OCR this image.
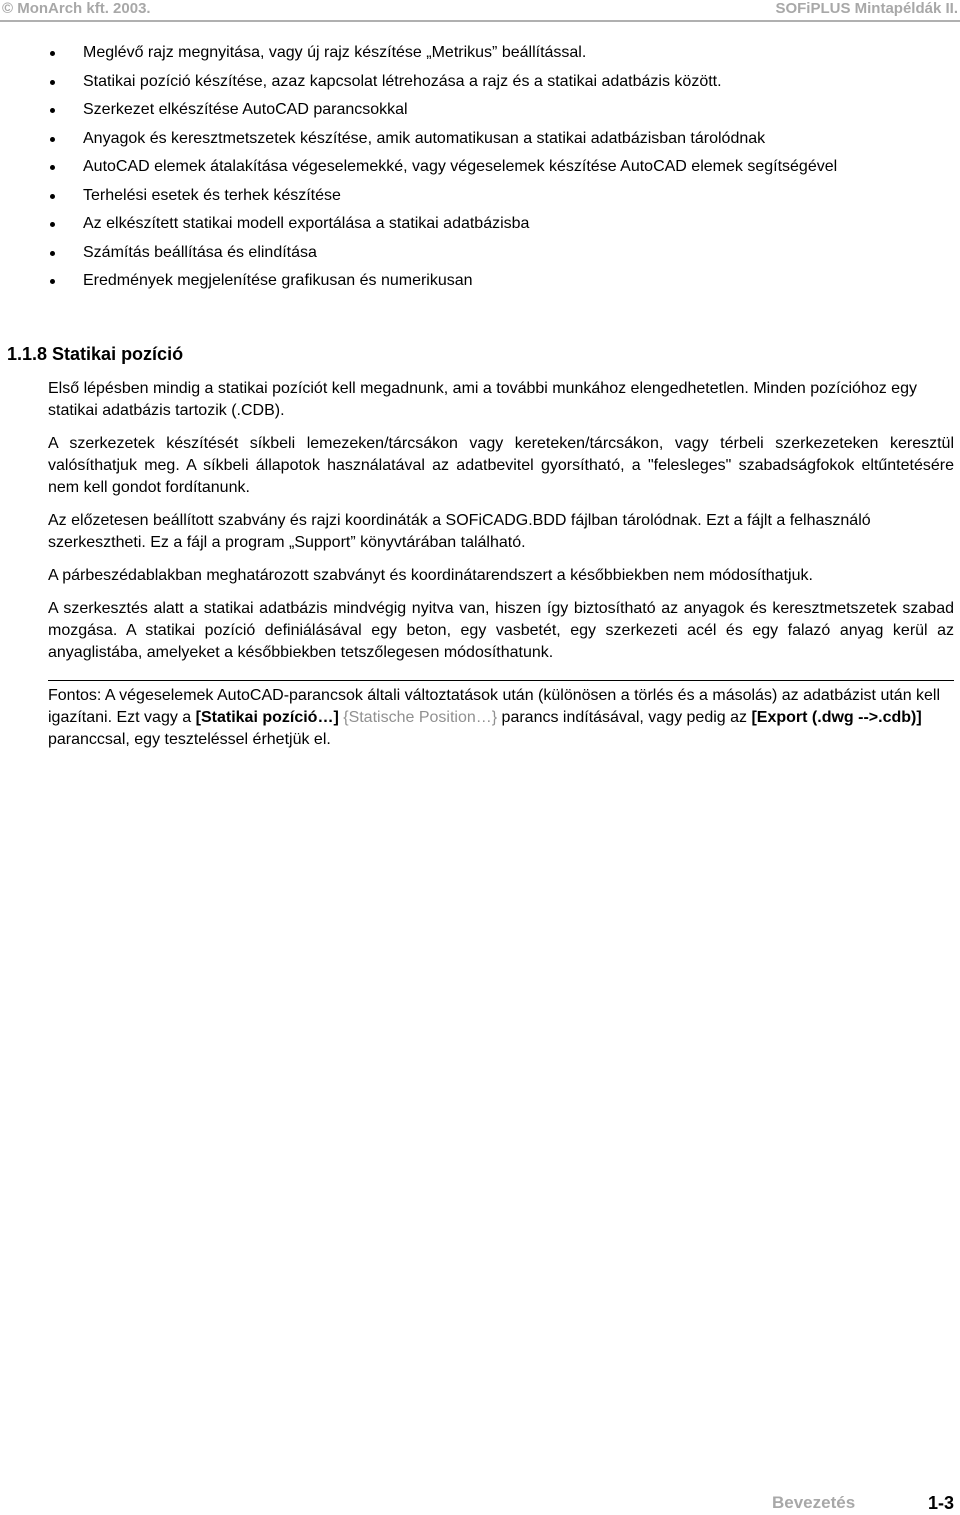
© MonArch kft. 2003.	SOFiPLUS Mintapéldák II.
Meglévő rajz megnyitása, vagy új rajz készítése „Metrikus” beállítással.
Statikai pozíció készítése, azaz kapcsolat létrehozása a rajz és a statikai adatbázis között.
Szerkezet elkészítése AutoCAD parancsokkal
Anyagok és keresztmetszetek készítése, amik automatikusan a statikai adatbázisban tárolódnak
AutoCAD elemek átalakítása végeselemekké, vagy végeselemek készítése AutoCAD elemek segítségével
Terhelési esetek és terhek készítése
Az elkészített statikai modell exportálása a statikai adatbázisba
Számítás beállítása és elindítása
Eredmények megjelenítése grafikusan és numerikusan
1.1.8 Statikai pozíció

Első lépésben mindig a statikai pozíciót kell megadnunk, ami a további munkához elengedhetetlen. Minden pozícióhoz egy statikai adatbázis tartozik (.CDB).

A szerkezetek készítését síkbeli lemezeken/tárcsákon vagy kereteken/tárcsákon, vagy térbeli szerkezeteken keresztül valósíthatjuk meg. A síkbeli állapotok használatával az adatbevitel gyorsítható, a "felesleges" szabadságfokok eltűntetésére nem kell gondot fordítanunk.

Az előzetesen beállított szabvány és rajzi koordináták a SOFiCADG.BDD fájlban tárolódnak. Ezt a fájlt a felhasználó szerkesztheti. Ez a fájl a program „Support” könyvtárában található.

A párbeszédablakban meghatározott szabványt és koordinátarendszert a későbbiekben nem módosíthatjuk.

A szerkesztés alatt a statikai adatbázis mindvégig nyitva van, hiszen így biztosítható az anyagok és keresztmetszetek szabad mozgása. A statikai pozíció definiálásával egy beton, egy vasbetét, egy szerkezeti acél és egy falazó anyag kerül az anyaglistába, amelyeket a későbbiekben tetszőlegesen módosíthatunk.

Fontos: A végeselemek AutoCAD-parancsok általi változtatások után (különösen a törlés és a másolás) az adatbázist után kell igazítani. Ezt vagy a [Statikai pozíció…] {Statische Position…} parancs indításával, vagy pedig az [Export (.dwg -->.cdb)] paranccsal, egy teszteléssel érhetjük el.
Bevezetés	1-3
